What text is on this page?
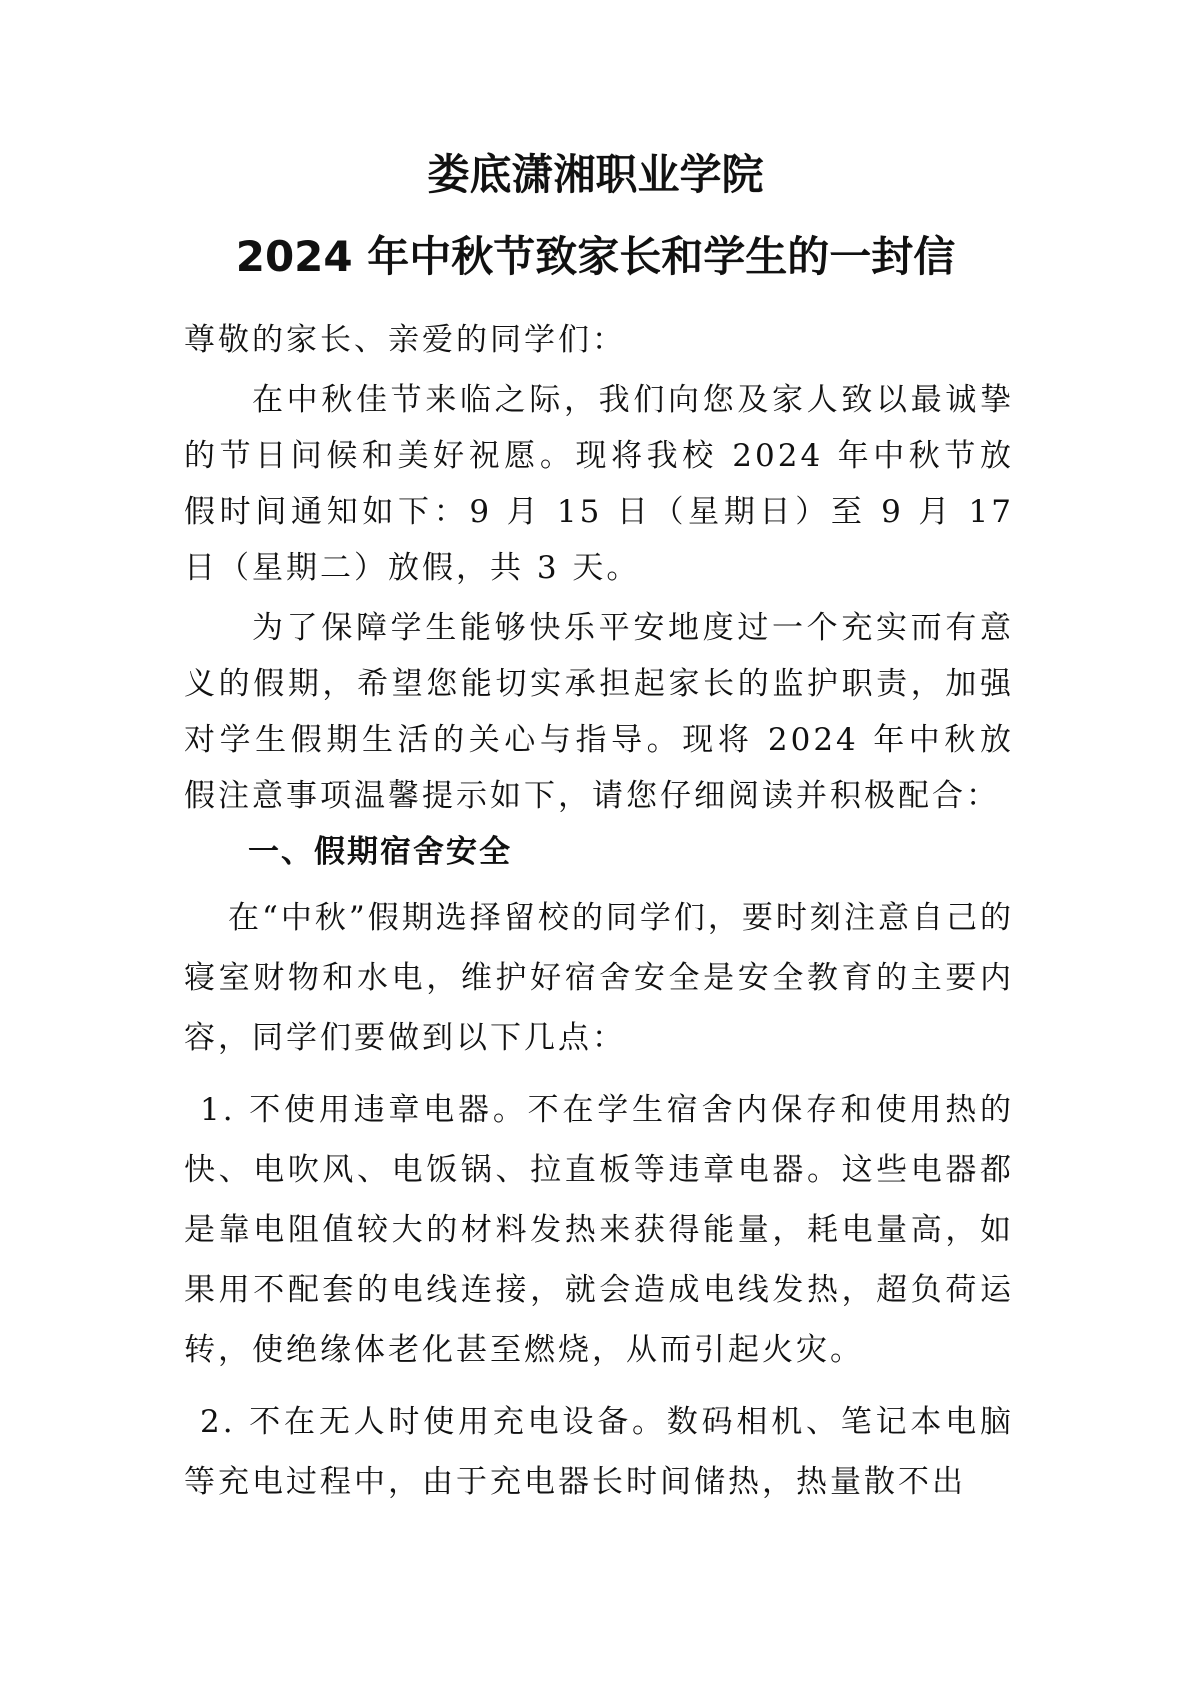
娄底潇湘职业学院
2024 年中秋节致家长和学生的一封信
尊敬的家长、亲爱的同学们：
在中秋佳节来临之际，我们向您及家人致以最诚挚的节日问候和美好祝愿。现将我校 2024 年中秋节放假时间通知如下：9 月 15 日（星期日）至 9 月 17 日（星期二）放假，共 3 天。
为了保障学生能够快乐平安地度过一个充实而有意义的假期，希望您能切实承担起家长的监护职责，加强对学生假期生活的关心与指导。现将 2024 年中秋放假注意事项温馨提示如下，请您仔细阅读并积极配合：
一、假期宿舍安全
在“中秋”假期选择留校的同学们，要时刻注意自己的寝室财物和水电，维护好宿舍安全是安全教育的主要内容，同学们要做到以下几点：
1. 不使用违章电器。不在学生宿舍内保存和使用热的快、电吹风、电饭锅、拉直板等违章电器。这些电器都是靠电阻值较大的材料发热来获得能量，耗电量高，如果用不配套的电线连接，就会造成电线发热，超负荷运转，使绝缘体老化甚至燃烧，从而引起火灾。
2. 不在无人时使用充电设备。数码相机、笔记本电脑等充电过程中，由于充电器长时间储热，热量散不出
